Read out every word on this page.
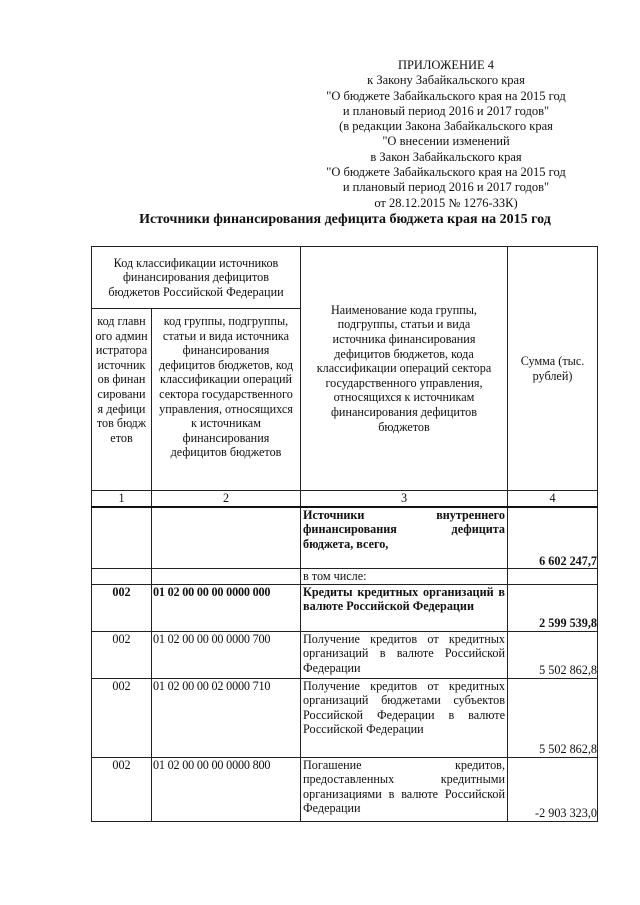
ПРИЛОЖЕНИЕ 4
к Закону Забайкальского края
"О бюджете Забайкальского края на 2015 год
и плановый период 2016 и 2017 годов"
(в редакции Закона Забайкальского края
"О внесении изменений
в Закон Забайкальского края
"О бюджете Забайкальского края на 2015 год
и плановый период 2016 и 2017 годов"
от 28.12.2015 № 1276-ЗЗК)
Источники финансирования дефицита бюджета края на 2015 год
Код классификации источников финансирования дефицитов бюджетов Российской Федерации		Наименование кода группы, подгруппы, статьи и вида источника финансирования дефицитов бюджетов, кода классификации операций сектора государственного управления, относящихся к источникам финансирования дефицитов бюджетов	Сумма (тыс. рублей)
код главного администратора источников финансирования дефицитов бюджетов	код группы, подгруппы, статьи и вида источника финансирования дефицитов бюджетов, код классификации операций сектора государственного управления, относящихся к источникам финансирования дефицитов бюджетов		
1	2	3	4
		Источники внутреннего финансирования дефицита бюджета, всего,	6 602 247,7
		в том числе:	
002	01 02 00 00 00 0000 000	Кредиты кредитных организаций в валюте Российской Федерации	2 599 539,8
002	01 02 00 00 00 0000 700	Получение кредитов от кредитных организаций в валюте Российской Федерации	5 502 862,8
002	01 02 00 00 02 0000 710	Получение кредитов от кредитных организаций бюджетами субъектов Российской Федерации в валюте Российской Федерации	5 502 862,8
002	01 02 00 00 00 0000 800	Погашение кредитов, предоставленных кредитными организациями в валюте Российской Федерации	-2 903 323,0
